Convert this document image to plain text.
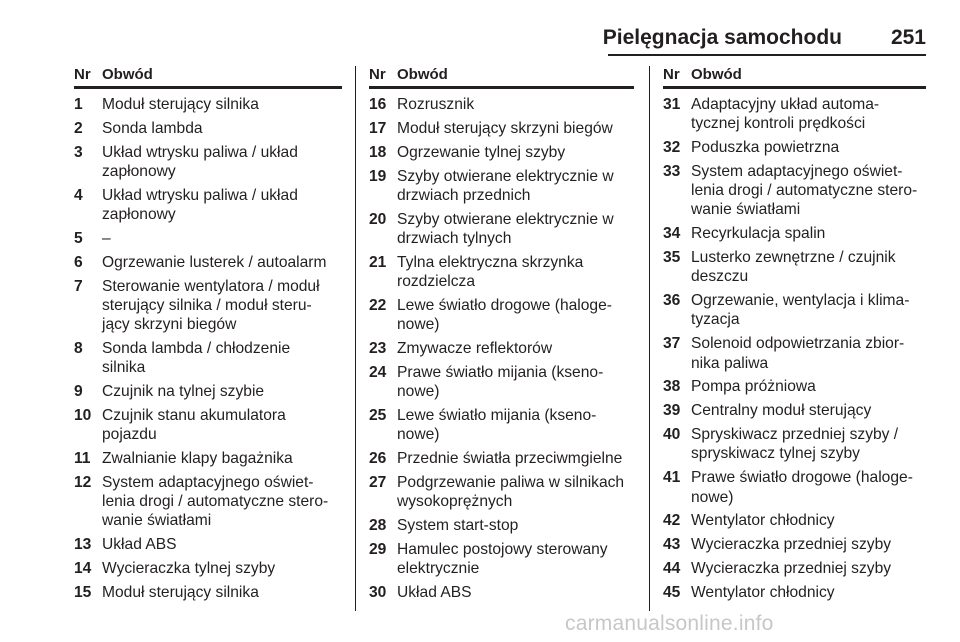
Pielęgnacja samochodu 251
Nr Obwód
1 Moduł sterujący silnika
2 Sonda lambda
3 Układ wtrysku paliwa / układ
zapłonowy
4 Układ wtrysku paliwa / układ
zapłonowy
5 –
6 Ogrzewanie lusterek / autoalarm
7 Sterowanie wentylatora / moduł
sterujący silnika / moduł steru-
jący skrzyni biegów
8 Sonda lambda / chłodzenie
silnika
9 Czujnik na tylnej szybie
10 Czujnik stanu akumulatora
pojazdu
11 Zwalnianie klapy bagażnika
12 System adaptacyjnego oświet-
lenia drogi / automatyczne stero-
wanie światłami
13 Układ ABS
14 Wycieraczka tylnej szyby
15 Moduł sterujący silnika
Nr Obwód
16 Rozrusznik
17 Moduł sterujący skrzyni biegów
18 Ogrzewanie tylnej szyby
19 Szyby otwierane elektrycznie w
drzwiach przednich
20 Szyby otwierane elektrycznie w
drzwiach tylnych
21 Tylna elektryczna skrzynka
rozdzielcza
22 Lewe światło drogowe (haloge-
nowe)
23 Zmywacze reflektorów
24 Prawe światło mijania (kseno-
nowe)
25 Lewe światło mijania (kseno-
nowe)
26 Przednie światła przeciwmgielne
27 Podgrzewanie paliwa w silnikach
wysokoprężnych
28 System start-stop
29 Hamulec postojowy sterowany
elektrycznie
30 Układ ABS
Nr Obwód
31 Adaptacyjny układ automa-
tycznej kontroli prędkości
32 Poduszka powietrzna
33 System adaptacyjnego oświet-
lenia drogi / automatyczne stero-
wanie światłami
34 Recyrkulacja spalin
35 Lusterko zewnętrzne / czujnik
deszczu
36 Ogrzewanie, wentylacja i klima-
tyzacja
37 Solenoid odpowietrzania zbior-
nika paliwa
38 Pompa próżniowa
39 Centralny moduł sterujący
40 Spryskiwacz przedniej szyby /
spryskiwacz tylnej szyby
41 Prawe światło drogowe (haloge-
nowe)
42 Wentylator chłodnicy
43 Wycieraczka przedniej szyby
44 Wycieraczka przedniej szyby
45 Wentylator chłodnicy
carmanualsonline.info
